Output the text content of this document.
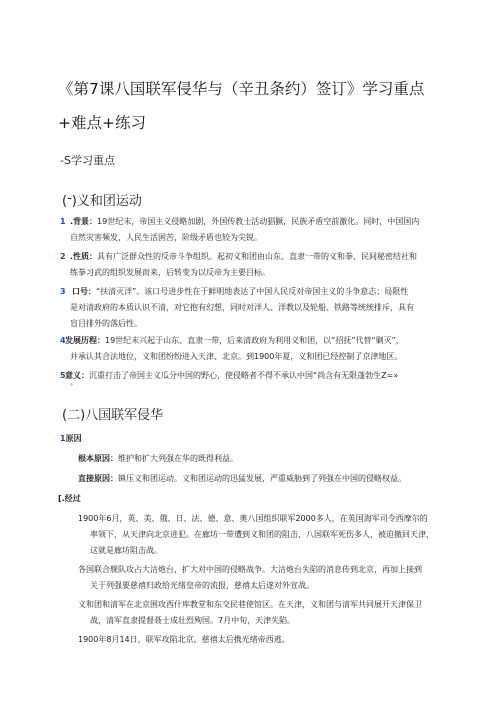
《第7课八国联军侵华与（辛丑条约）签订》学习重点
+难点+练习
-S学习重点
(־)义和团运动
1 .背景：19世纪末，帝国主义侵略加剧，外国传教士活动猖獗，民族矛盾空前激化。同时，中国国内
自然灾害频发，人民生活困苦，阶级矛盾也较为尖锐。
2 .性质：具有广泛群众性的反帝斗争组织。起初义和团由山东、直隶一带的义和拳、民间秘密结社和
练拳习武的组织发展而来，后转变为以反帝为主要目标。
3 口号：“扶清灭洋”。该口号进步性在于鲜明地表达了中国人民反对帝国主义的斗争意志；局限性
是对清政府的本质认识不清，对它抱有幻想，同时对洋人、洋教以及轮船、铁路等统统排斥，具有
盲目排外的落后性。
4 发展历程：19世纪末兴起于山东、直隶一带，后来清政府为利用义和团，以“招抚”代替“剿灭”，
并承认其合法地位，义和团纷纷进入天津、北京。到1900年夏，义和团已经控制了京津地区。
5 意义：沉重打击了帝国主义瓜分中国的野心，使侵略者不得不承认中国“尚含有无限蓬勃生Z=»
°
(二)八国联军侵华
1原因
根本原因：维护和扩大列强在华的既得利益。
直接原因：镇压义和团运动。义和团运动的迅猛发展，严重威胁到了列强在中国的侵略权益。
[.经过
1900年6月，英、美、俄、日、法、德、意、奥八国组织联军2000多人，在英国海军司令西摩尔的
率领下，从天津向北京进犯。在廊坊一带遭到义和团的阻击，八国联军死伤多人，被迫撤回天津，
这就是廊坊阻击战。
各国联合舰队攻占大沽炮台，扩大对中国的侵略战争。大沽炮台失陷的消息传到北京，再加上接到
关于列强要慈禧归政给光绪皇帝的流报，慈禧太后遂对外宣战。
义和团和清军在北京围攻西什库教堂和东交民巷使馆区。在天津，义和团与清军共同展开天津保卫
战，清军直隶提督聂士成壮烈殉国。7月中旬，天津失陷。
1900年8月14日，联军攻陷北京，慈禧太后携光绪帝西逃。
